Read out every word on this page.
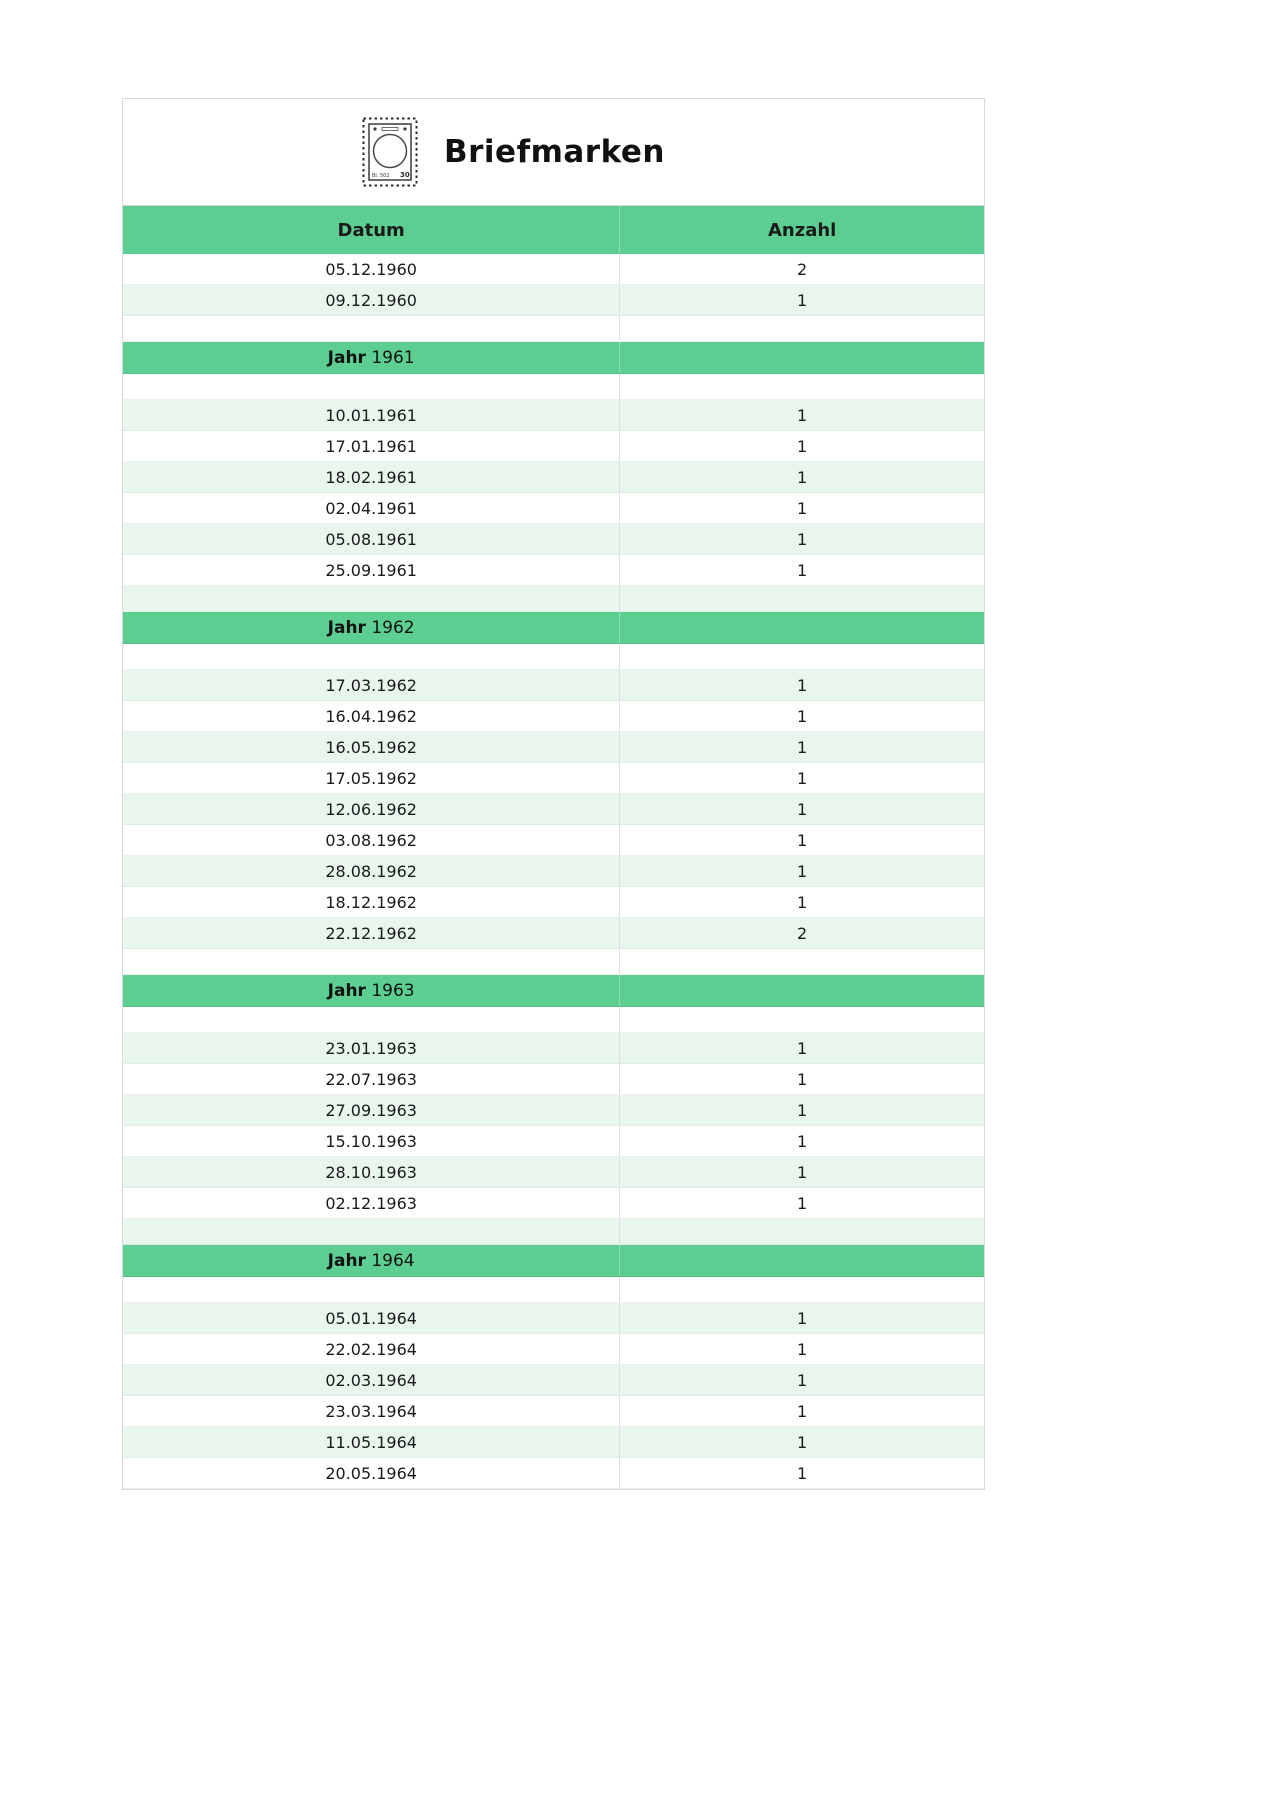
Bl. 502 30
Briefmarken
Datum	Anzahl
05.12.1960	2
09.12.1960	1

Jahr 1961	

10.01.1961	1
17.01.1961	1
18.02.1961	1
02.04.1961	1
05.08.1961	1
25.09.1961	1

Jahr 1962	

17.03.1962	1
16.04.1962	1
16.05.1962	1
17.05.1962	1
12.06.1962	1
03.08.1962	1
28.08.1962	1
18.12.1962	1
22.12.1962	2

Jahr 1963	

23.01.1963	1
22.07.1963	1
27.09.1963	1
15.10.1963	1
28.10.1963	1
02.12.1963	1

Jahr 1964	

05.01.1964	1
22.02.1964	1
02.03.1964	1
23.03.1964	1
11.05.1964	1
20.05.1964	1
